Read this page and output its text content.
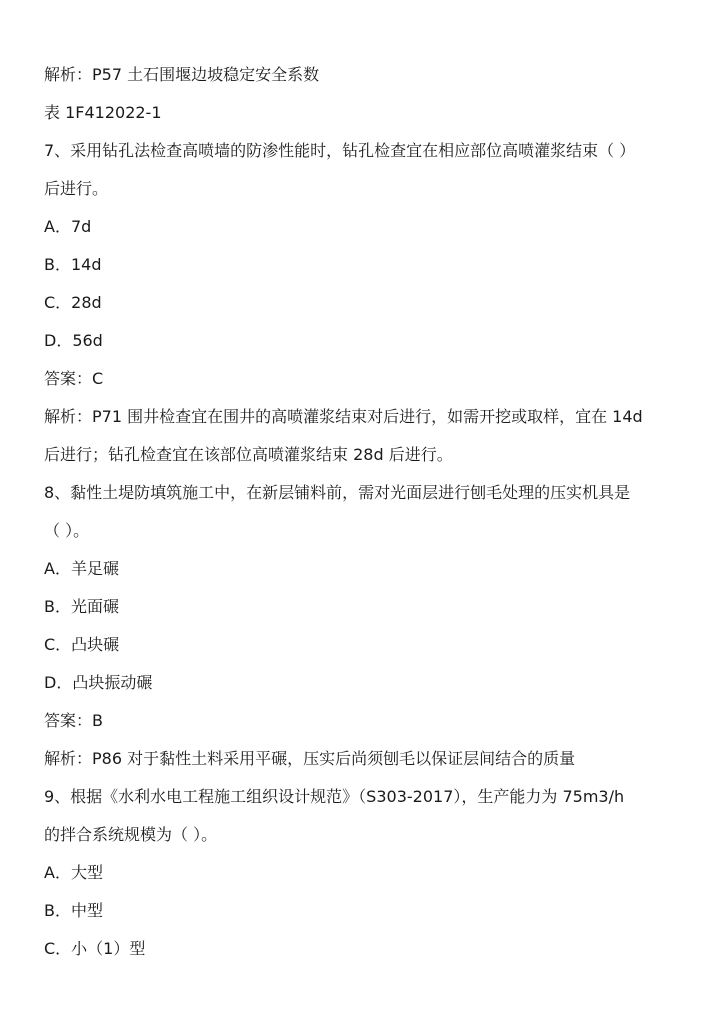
解析：P57 土石围堰边坡稳定安全系数
表 1F412022-1
7、采用钻孔法检查高喷墙的防渗性能时，钻孔检查宜在相应部位高喷灌浆结束（ ）
后进行。
A．7d
B．14d
C．28d
D．56d
答案：C
解析：P71 围井检查宜在围井的高喷灌浆结束对后进行，如需开挖或取样，宜在 14d
后进行；钻孔检查宜在该部位高喷灌浆结束 28d 后进行。
8、黏性土堤防填筑施工中，在新层铺料前，需对光面层进行刨毛处理的压实机具是
（ ）。
A．羊足碾
B．光面碾
C．凸块碾
D．凸块振动碾
答案：B
解析：P86 对于黏性土料采用平碾，压实后尚须刨毛以保证层间结合的质量
9、根据《水利水电工程施工组织设计规范》（S303-2017），生产能力为 75m3/h
的拌合系统规模为（ ）。
A．大型
B．中型
C．小（1）型
